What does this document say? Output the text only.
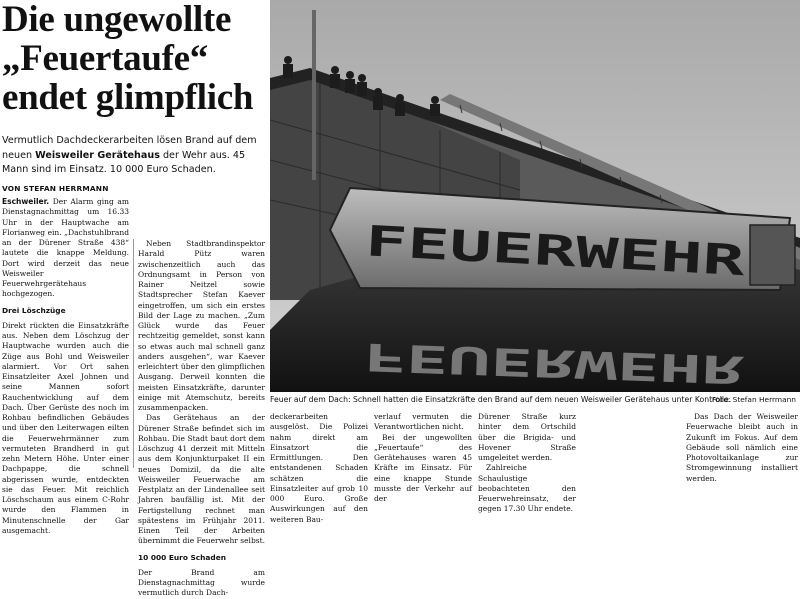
Die ungewollte
„Feuertaufe“
endet glimpflich
Vermutlich Dachdeckerarbeiten lösen Brand auf dem neuen Weisweiler Gerätehaus der Wehr aus. 45 Mann sind im Einsatz. 10 000 Euro Schaden.
VON STEFAN HERRMANN

Eschweiler. Der Alarm ging am Dienstagnachmittag um 16.33 Uhr in der Hauptwache am Florianweg ein. „Dachstuhlbrand an der Dürener Straße 438“ lautete die knappe Meldung. Dort wird derzeit das neue Weisweiler Feuerwehrgerätehaus hochgezogen.

Drei Löschzüge

Direkt rückten die Einsatzkräfte aus. Neben dem Löschzug der Hauptwache wurden auch die Züge aus Bohl und Weisweiler alarmiert. Vor Ort sahen Einsatzleiter Axel Johnen und seine Mannen sofort Rauchentwicklung auf dem Dach. Über Gerüste des noch im Rohbau befindlichen Gebäudes und über den Leiterwagen eilten die Feuerwehrmänner zum vermuteten Brandherd in gut zehn Metern Höhe. Unter einer Dachpappe, die schnell abgerissen wurde, entdeckten sie das Feuer. Mit reichlich Löschschaum aus einem C-Rohr wurde den Flammen in Minutenschnelle der Gar ausgemacht.

Neben Stadtbrandinspektor Harald Pütz waren zwischenzeitlich auch das Ordnungsamt in Person von Rainer Neitzel sowie Stadtsprecher Stefan Kaever eingetroffen, um sich ein erstes Bild der Lage zu machen. „Zum Glück wurde das Feuer rechtzeitig gemeldet, sonst kann so etwas auch mal schnell ganz anders ausgehen“, war Kaever erleichtert über den glimpflichen Ausgang. Derweil konnten die meisten Einsatzkräfte, darunter einige mit Atemschutz, bereits zusammenpacken.

Das Gerätehaus an der Dürener Straße befindet sich im Rohbau. Die Stadt baut dort dem Löschzug 41 derzeit mit Mitteln aus dem Konjunkturpaket II ein neues Domizil, da die alte Weisweiler Feuerwache am Festplatz an der Lindenallee seit Jahren baufällig ist. Mit der Fertigstellung rechnet man spätestens im Frühjahr 2011. Einen Teil der Arbeiten übernimmt die Feuerwehr selbst.

10 000 Euro Schaden

Der Brand am Dienstagnachmittag wurde vermutlich durch Dach-

FEUERWEHR
FEUERWEHR
Feuer auf dem Dach: Schnell hatten die Einsatzkräfte den Brand auf dem neuen Weisweiler Gerätehaus unter Kontrolle.
Foto: Stefan Herrmann

deckerarbeiten ausgelöst. Die Polizei nahm direkt am Einsatzort die Ermittlungen. Den entstandenen Schaden schätzen die Einsatzleiter auf grob 10 000 Euro. Große Auswirkungen auf den weiteren Bau-

verlauf vermuten die Verantwortlichen nicht.

Bei der ungewollten „Feuertaufe“ des Gerätehauses waren 45 Kräfte im Einsatz. Für eine knappe Stunde musste der Verkehr auf der

Dürener Straße kurz hinter dem Ortschild über die Brigida- und Hovener Straße umgeleitet werden.

Zahlreiche Schaulustige beobachteten den Feuerwehreinsatz, der gegen 17.30 Uhr endete.

Das Dach der Weisweiler Feuerwache bleibt auch in Zukunft im Fokus. Auf dem Gebäude soll nämlich eine Photovoltaikanlage zur Stromgewinnung installiert werden.
